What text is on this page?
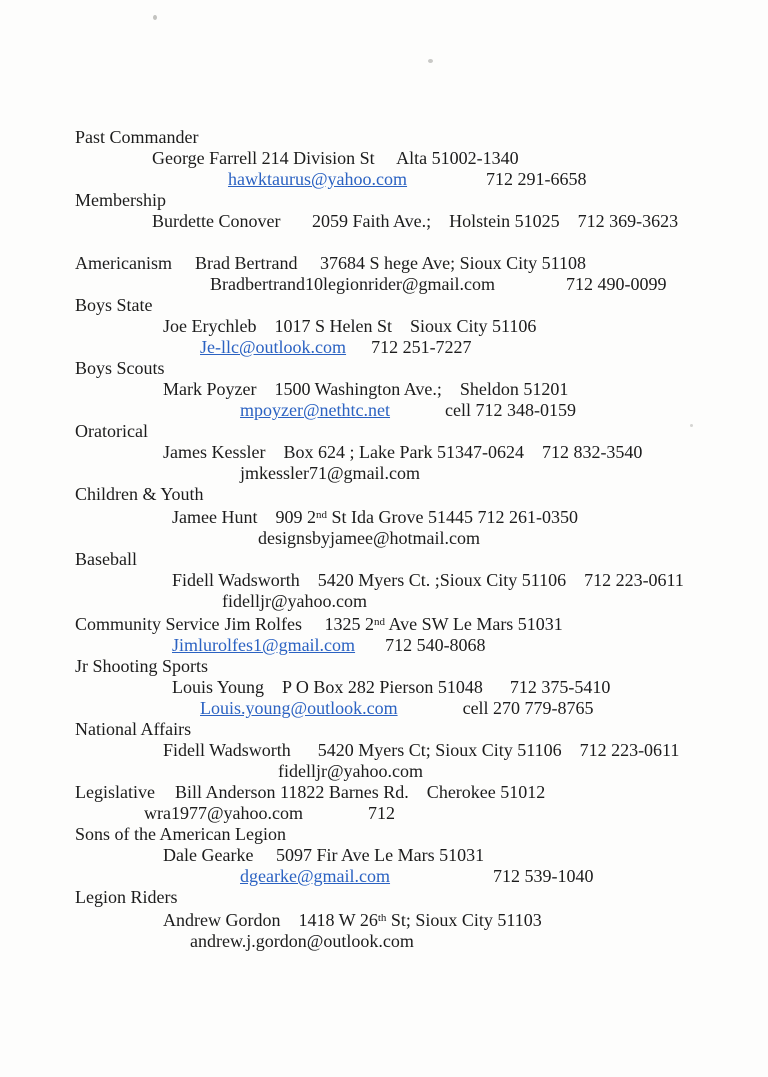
Past Commander
George Farrell 214 Division St     Alta 51002-1340
hawktaurus@yahoo.com	712 291-6658
Membership
Burdette Conover       2059 Faith Ave.;    Holstein 51025    712 369-3623
Americanism Brad Bertrand     37684 S hege Ave; Sioux City 51108
Bradbertrand10legionrider@gmail.com	712 490-0099
Boys State
Joe Erychleb    1017 S Helen St    Sioux City 51106
Je-llc@outlook.com 712 251-7227
Boys Scouts
Mark Poyzer    1500 Washington Ave.;    Sheldon 51201
mpoyzer@nethtc.net	cell 712 348-0159
Oratorical
James Kessler    Box 624 ; Lake Park 51347-0624    712 832-3540
jmkessler71@gmail.com
Children & Youth
Jamee Hunt    909 2nd St Ida Grove 51445 712 261-0350
designsbyjamee@hotmail.com
Baseball
Fidell Wadsworth    5420 Myers Ct. ;Sioux City 51106    712 223-0611
fidelljr@yahoo.com
Community Service Jim Rolfes     1325 2nd Ave SW Le Mars 51031
Jimlurolfes1@gmail.com 712 540-8068
Jr Shooting Sports
Louis Young    P O Box 282 Pierson 51048      712 375-5410
Louis.young@outlook.com	cell 270 779-8765
National Affairs
Fidell Wadsworth      5420 Myers Ct; Sioux City 51106    712 223-0611
fidelljr@yahoo.com
Legislative Bill Anderson 11822 Barnes Rd.    Cherokee 51012
wra1977@yahoo.com	712
Sons of the American Legion
Dale Gearke     5097 Fir Ave Le Mars 51031
dgearke@gmail.com	712 539-1040
Legion Riders
Andrew Gordon    1418 W 26th St; Sioux City 51103
andrew.j.gordon@outlook.com
